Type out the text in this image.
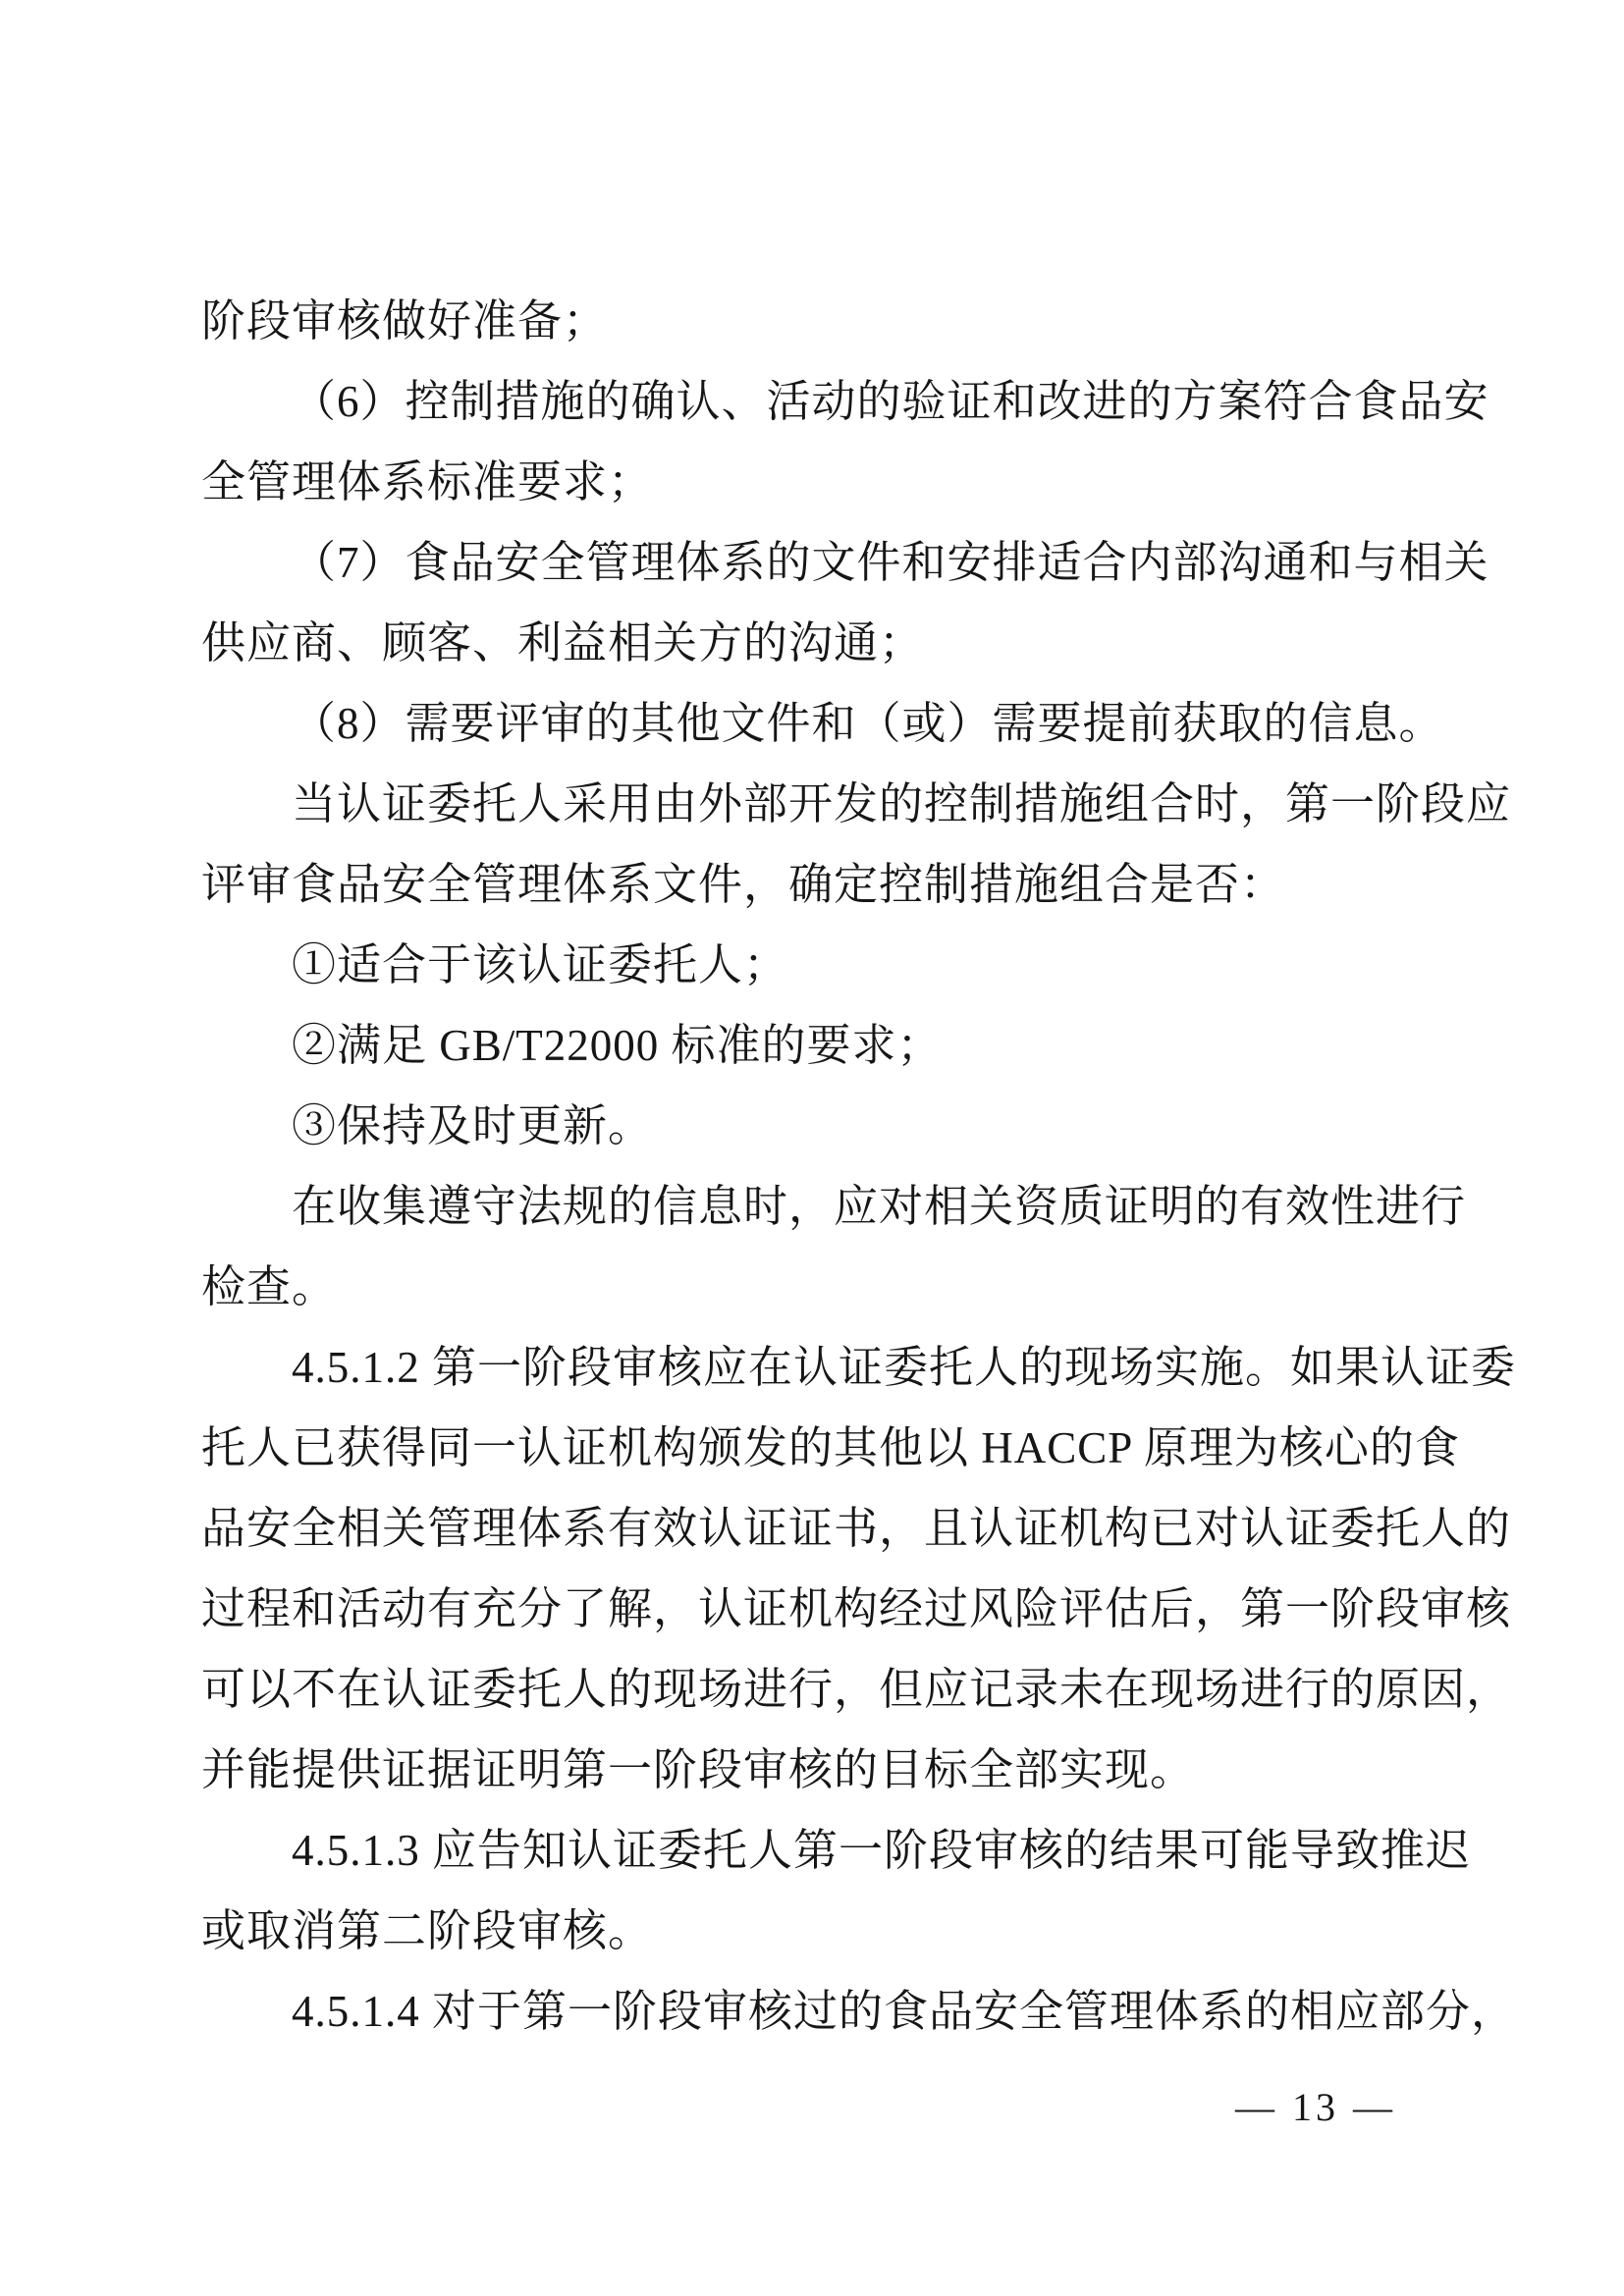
阶段审核做好准备；
（6）控制措施的确认、活动的验证和改进的方案符合食品安
全管理体系标准要求；
（7）食品安全管理体系的文件和安排适合内部沟通和与相关
供应商、顾客、利益相关方的沟通；
（8）需要评审的其他文件和（或）需要提前获取的信息。
当认证委托人采用由外部开发的控制措施组合时，第一阶段应
评审食品安全管理体系文件，确定控制措施组合是否：
①适合于该认证委托人；
②满足 GB/T22000 标准的要求；
③保持及时更新。
在收集遵守法规的信息时，应对相关资质证明的有效性进行
检查。
4.5.1.2 第一阶段审核应在认证委托人的现场实施。如果认证委
托人已获得同一认证机构颁发的其他以 HACCP 原理为核心的食
品安全相关管理体系有效认证证书，且认证机构已对认证委托人的
过程和活动有充分了解，认证机构经过风险评估后，第一阶段审核
可以不在认证委托人的现场进行，但应记录未在现场进行的原因，
并能提供证据证明第一阶段审核的目标全部实现。
4.5.1.3 应告知认证委托人第一阶段审核的结果可能导致推迟
或取消第二阶段审核。
4.5.1.4 对于第一阶段审核过的食品安全管理体系的相应部分，
— 13 —
